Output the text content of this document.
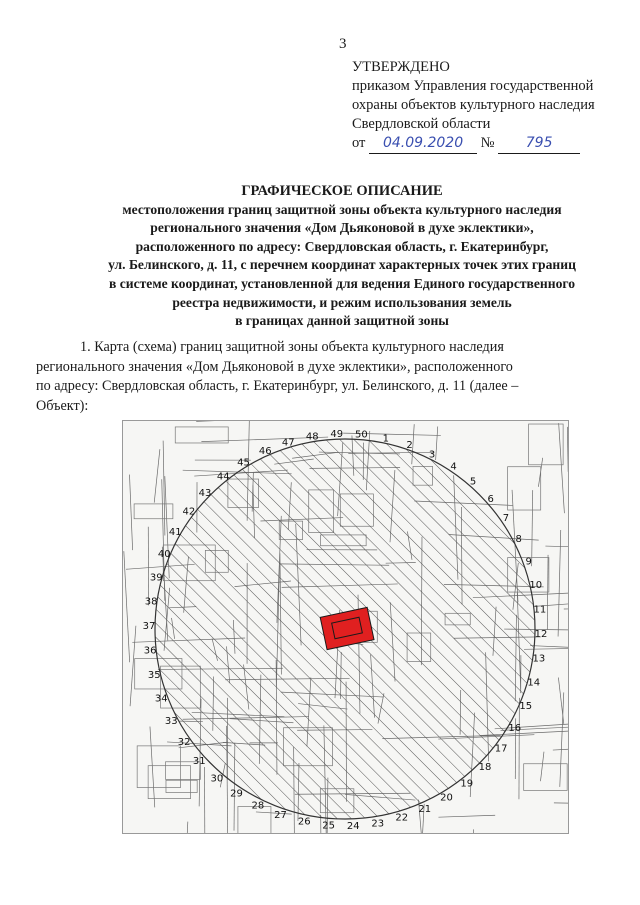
3
УТВЕРЖДЕНО
приказом Управления государственной
охраны объектов культурного наследия
Свердловской области
от 04.09.2020 № 795
ГРАФИЧЕСКОЕ ОПИСАНИЕ
местоположения границ защитной зоны объекта культурного наследия
регионального значения «Дом Дьяконовой в духе эклектики»,
расположенного по адресу: Свердловская область, г. Екатеринбург,
ул. Белинского, д. 11, с перечнем координат характерных точек этих границ
в системе координат, установленной для ведения Единого государственного
реестра недвижимости, и режим использования земель
в границах данной защитной зоны
1. Карта (схема) границ защитной зоны объекта культурного наследия
регионального значения «Дом Дьяконовой в духе эклектики», расположенного
по адресу: Свердловская область, г. Екатеринбург, ул. Белинского, д. 11 (далее –
Объект):
1
2
3
4
5
6
7
8
9
10
11
12
13
14
15
16
17
18
19
20
21
22
23
24
25
26
27
28
29
30
31
32
33
34
35
36
37
38
39
40
41
42
43
44
45
46
47
48 49 50
